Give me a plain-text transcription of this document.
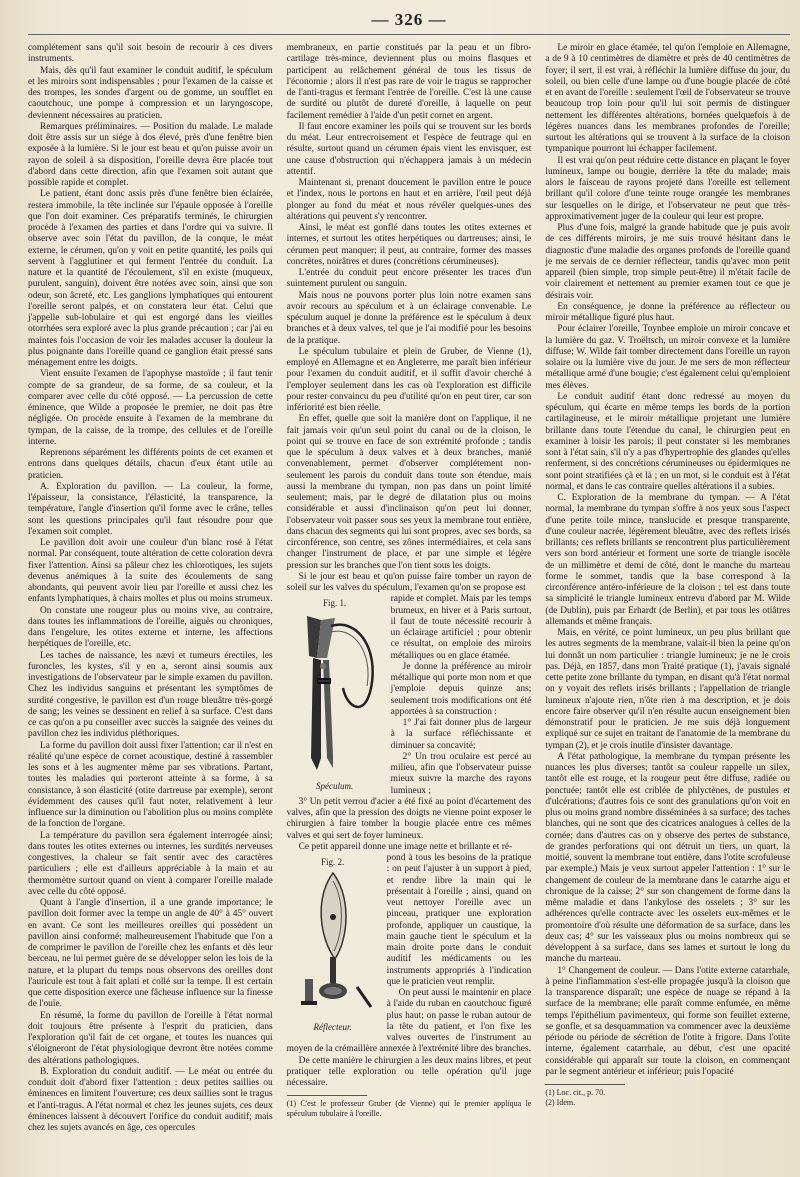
— 326 —

complétement sans qu'il soit besoin de recourir à ces divers instruments.

Mais, dès qu'il faut examiner le conduit auditif, le spéculum et les miroirs sont indispensables ; pour l'examen de la caisse et des trompes, les sondes d'argent ou de gomme, un soufflet en caoutchouc, une pompe à compression et un laryngoscope, deviennent nécessaires au praticien.

Remarques préliminaires. — Position du malade. Le malade doit être assis sur un siége à dos élevé, près d'une fenêtre bien exposée à la lumière. Si le jour est beau et qu'on puisse avoir un rayon de soleil à sa disposition, l'oreille devra être placée tout d'abord dans cette direction, afin que l'examen soit autant que possible rapide et complet.

Le patient, étant donc assis près d'une fenêtre bien éclairée, restera immobile, la tête inclinée sur l'épaule opposée à l'oreille que l'on doit examiner. Ces préparatifs terminés, le chirurgien procède à l'examen des parties et dans l'ordre qui va suivre. Il observe avec soin l'état du pavillon, de la conque, le méat externe, le cérumen, qu'on y voit en petite quantité, les poils qui servent à l'agglutiner et qui ferment l'entrée du conduit. La nature et la quantité de l'écoulement, s'il en existe (muqueux, purulent, sanguin), doivent être notées avec soin, ainsi que son odeur, son âcreté, etc. Les ganglions lymphatiques qui entourent l'oreille seront palpés, et on constatera leur état. Celui que j'appelle sub-lobulaire et qui est engorgé dans les vieilles otorrhées sera exploré avec la plus grande précaution ; car j'ai eu maintes fois l'occasion de voir les malades accuser la douleur la plus poignante dans l'oreille quand ce ganglion était pressé sans ménagement entre les doigts.

Vient ensuite l'examen de l'apophyse mastoïde ; il faut tenir compte de sa grandeur, de sa forme, de sa couleur, et la comparer avec celle du côté opposé. — La percussion de cette éminence, que Wilde a proposée le premier, ne doit pas être négligée. On procède ensuite à l'examen de la membrane du tympan, de la caisse, de la trompe, des cellules et de l'oreille interne.

Reprenons séparément les différents points de cet examen et entrons dans quelques détails, chacun d'eux étant utile au praticien.

A. Exploration du pavillon. — La couleur, la forme, l'épaisseur, la consistance, l'élasticité, la transparence, la température, l'angle d'insertion qu'il forme avec le crâne, telles sont les questions principales qu'il faut résoudre pour que l'examen soit complet.

Le pavillon doit avoir une couleur d'un blanc rosé à l'état normal. Par conséquent, toute altération de cette coloration devra fixer l'attention. Ainsi sa pâleur chez les chlorotiques, les sujets devenus anémiques à la suite des écoulements de sang abondants, qui peuvent avoir lieu par l'oreille et aussi chez les enfants lymphatiques, à chairs molles et plus ou moins strumeux.

On constate une rougeur plus ou moins vive, au contraire, dans toutes les inflammations de l'oreille, aiguës ou chroniques, dans l'engelure, les otites externe et interne, les affections herpétiques de l'oreille, etc.

Les taches de naissance, les nævi et tumeurs érectiles, les furoncles, les kystes, s'il y en a, seront ainsi soumis aux investigations de l'observateur par le simple examen du pavillon. Chez les individus sanguins et présentant les symptômes de surdité congestive, le pavillon est d'un rouge bleuâtre très-gorgé de sang; les veines se dessinent en relief à sa surface. C'est dans ce cas qu'on a pu conseiller avec succès la saignée des veines du pavillon chez les individus pléthoriques.

La forme du pavillon doit aussi fixer l'attention; car il n'est en réalité qu'une espèce de cornet acoustique, destiné à rassembler les sons et à les augmenter même par ses vibrations. Partant, toutes les maladies qui porteront atteinte à sa forme, à sa consistance, à son élasticité (otite dartreuse par exemple), seront évidemment des causes qu'il faut noter, relativement à leur influence sur la diminution ou l'abolition plus ou moins complète de la fonction de l'organe.

La température du pavillon sera également interrogée ainsi; dans toutes les otites externes ou internes, les surdités nerveuses congestives, la chaleur se fait sentir avec des caractères particuliers ; elle est d'ailleurs appréciable à la main et au thermomètre surtout quand on vient à comparer l'oreille malade avec celle du côté opposé.

Quant à l'angle d'insertion, il a une grande importance; le pavillon doit former avec la tempe un angle de 40° à 45° ouvert en avant. Ce sont les meilleures oreilles qui possèdent un pavillon ainsi conformé; malheureusement l'habitude que l'on a de comprimer le pavillon de l'oreille chez les enfants et dès leur berceau, ne lui permet guère de se développer selon les lois de la nature, et la plupart du temps nous observons des oreilles dont l'auricule est tout à fait aplati et collé sur la tempe. Il est certain que cette disposition exerce une fâcheuse influence sur la finesse de l'ouïe.

En résumé, la forme du pavillon de l'oreille à l'état normal doit toujours être présente à l'esprit du praticien, dans l'exploration qu'il fait de cet organe, et toutes les nuances qui s'éloigneront de l'état physiologique devront être notées comme des altérations pathologiques.

B. Exploration du conduit auditif. — Le méat ou entrée du conduit doit d'abord fixer l'attention : deux petites saillies ou éminences en limitent l'ouverture; ces deux saillies sont le tragus et l'anti-tragus. A l'état normal et chez les jeunes sujets, ces deux éminences laissent à découvert l'orifice du conduit auditif; mais chez les sujets avancés en âge, ces opercules

membraneux, en partie constitués par la peau et un fibro-cartilage très-mince, deviennent plus ou moins flasques et participent au relâchement général de tous les tissus de l'économie ; alors il n'est pas rare de voir le tragus se rapprocher de l'anti-tragus et fermant l'entrée de l'oreille. C'est là une cause de surdité ou plutôt de dureté d'oreille, à laquelle on peut facilement remédier à l'aide d'un petit cornet en argent.

Il faut encore examiner les poils qui se trouvent sur les bords du méat. Leur entrecroisement et l'espèce de feutrage qui en résulte, surtout quand un cérumen épais vient les envisquer, est une cause d'obstruction qui n'échappera jamais à un médecin attentif.

Maintenant si, prenant doucement le pavillon entre le pouce et l'index, nous le portons en haut et en arrière, l'œil peut déjà plonger au fond du méat et nous révéler quelques-unes des altérations qui peuvent s'y rencontrer.

Ainsi, le méat est gonflé dans toutes les otites externes et internes, et surtout les otites herpétiques ou dartreuses; ainsi, le cérumen peut manquer; il peut, au contraire, former des masses concrètes, noirâtres et dures (concrétions cérumineuses).

L'entrée du conduit peut encore présenter les traces d'un suintement purulent ou sanguin.

Mais nous ne pouvons porter plus loin notre examen sans avoir recours au spéculum et à un éclairage convenable. Le spéculum auquel je donne la préférence est le spéculum à deux branches et à deux valves, tel que je l'ai modifié pour les besoins de la pratique.

Le spéculum tubulaire et plein de Gruber, de Vienne (1), employé en Allemagne et en Angleterre, me paraît bien inférieur pour l'examen du conduit auditif, et il suffit d'avoir cherché à l'employer seulement dans les cas où l'exploration est difficile pour rester convaincu du peu d'utilité qu'on en peut tirer, car son infériorité est bien réelle.

En effet, quelle que soit la manière dont on l'applique, il ne fait jamais voir qu'un seul point du canal ou de la cloison, le point qui se trouve en face de son extrémité profonde ; tandis que le spéculum à deux valves et à deux branches, manié convenablement, permet d'observer complétement non-seulement les parois du conduit dans toute son étendue, mais aussi la membrane du tympan, non pas dans un point limité seulement; mais, par le degré de dilatation plus ou moins considérable et aussi d'inclinaison qu'on peut lui donner, l'observateur voit passer sous ses yeux la membrane tout entière, dans chacun des segments qui lui sont propres, avec ses bords, sa circonférence, son centre, ses zônes intermédiaires, et cela sans changer l'instrument de place, et par une simple et légère pression sur les branches que l'on tient sous les doigts.

Si le jour est beau et qu'on puisse faire tomber un rayon de soleil sur les valves du spéculum, l'examen qu'on se propose est

Fig. 1.
Spéculum.

rapide et complet. Mais par les temps brumeux, en hiver et à Paris surtout, il faut de toute nécessité recourir à un éclairage artificiel ; pour obtenir ce résultat, on emploie des miroirs métalliques ou en glace étamée.

Je donne la préférence au miroir métallique qui porte mon nom et que j'emploie depuis quinze ans; seulement trois modifications ont été apportées à sa construction :

1° J'ai fait donner plus de largeur à la surface réfléchissante et diminuer sa concavité;

2° Un trou oculaire est percé au milieu, afin que l'observateur puisse mieux suivre la marche des rayons lumineux ;

3° Un petit verrou d'acier a été fixé au point d'écartement des valves, afin que la pression des doigts ne vienne point exposer le chirurgien à faire tomber la bougie placée entre ces mêmes valves et qui sert de foyer lumineux.

Ce petit appareil donne une image nette et brillante et ré-

Fig. 2.
Réflecteur.

pond à tous les besoins de la pratique : on peut l'ajuster à un support à pied, et rendre libre la main qui le présentait à l'oreille ; ainsi, quand on veut nettoyer l'oreille avec un pinceau, pratiquer une exploration profonde, appliquer un caustique, la main gauche tient le spéculum et la main droite porte dans le conduit auditif les médicaments ou les instruments appropriés à l'indication que le praticien veut remplir.

On peut aussi le maintenir en place à l'aide du ruban en caoutchouc figuré plus haut; on passe le ruban autour de la tête du patient, et l'on fixe les valves ouvertes de l'instrument au moyen de la crémaillère annexée à l'extrémité libre des branches.

De cette manière le chirurgien a les deux mains libres, et peut pratiquer telle exploration ou telle opération qu'il juge nécessaire.

(1) C'est le professeur Gruber (de Vienne) qui le premier appliqua le spéculum tubulaire à l'oreille.

Le miroir en glace étamée, tel qu'on l'emploie en Allemagne, a de 9 à 10 centimètres de diamètre et près de 40 centimètres de foyer; il sert, il est vrai, à réfléchir la lumière diffuse du jour, du soleil, ou bien celle d'une lampe ou d'une bougie placée de côté et en avant de l'oreille : seulement l'œil de l'observateur se trouve beaucoup trop loin pour qu'il lui soit permis de distinguer nettement les différentes altérations, bornées quelquefois à de légères nuances dans les membranes profondes de l'oreille; surtout les altérations qui se trouvent à la surface de la cloison tympanique pourront lui échapper facilement.

Il est vrai qu'on peut réduire cette distance en plaçant le foyer lumineux, lampe ou bougie, derrière la tête du malade; mais alors le faisceau de rayons projeté dans l'oreille est tellement brillant qu'il colore d'une teinte rouge orangée les membranes sur lesquelles on le dirige, et l'observateur ne peut que très-approximativement juger de la couleur qui leur est propre.

Plus d'une fois, malgré la grande habitude que je puis avoir de ces différents miroirs, je me suis trouvé hésitant dans le diagnostic d'une maladie des organes profonds de l'oreille quand je me servais de ce dernier réflecteur, tandis qu'avec mon petit appareil (bien simple, trop simple peut-être) il m'était facile de voir clairement et nettement au premier examen tout ce que je désirais voir.

En conséquence, je donne la préférence au réflecteur ou miroir métallique figuré plus haut.

Pour éclairer l'oreille, Toynbee emploie un miroir concave et la lumière du gaz. V. Troëltsch, un miroir convexe et la lumière diffuse; W. Wilde fait tomber directement dans l'oreille un rayon solaire ou la lumière vive du jour. Je me sers de mon réflecteur métallique armé d'une bougie; c'est également celui qu'emploient mes élèves.

Le conduit auditif étant donc redressé au moyen du spéculum, qui écarte en même temps les bords de la portion cartilagineuse, et le miroir métallique projetant une lumière brillante dans toute l'étendue du canal, le chirurgien peut en examiner à loisir les parois; il peut constater si les membranes sont à l'état sain, s'il n'y a pas d'hypertrophie des glandes qu'elles renferment, si des concrétions cérumineuses ou épidermiques ne sont point stratifiées çà et là ; en un mot, si le conduit est à l'état normal, et dans le cas contraire quelles altérations il a subies.

C. Exploration de la membrane du tympan. — A l'état normal, la membrane du tympan s'offre à nos yeux sous l'aspect d'une petite toile mince, translucide et presque transparente, d'une couleur nacrée, légèrement bleuâtre, avec des reflets irisés brillants; ces reflets brillants se rencontrent plus particulièrement vers son bord antérieur et forment une sorte de triangle isocèle de un millimètre et demi de côté, dont le manche du marteau forme le sommet, tandis que la base correspond à la circonférence antéro-inférieure de la cloison ; tel est dans toute sa simplicité le triangle lumineux entrevu d'abord par M. Wilde (de Dublin), puis par Erhardt (de Berlin), et par tous les otiâtres allemands et même français.

Mais, en vérité, ce point lumineux, un peu plus brillant que les autres segments de la membrane, valait-il bien la peine qu'on lui donnât un nom particulier : triangle lumineux; je ne le crois pas. Déjà, en 1857, dans mon Traité pratique (1), j'avais signalé cette petite zone brillante du tympan, en disant qu'à l'état normal on y voyait des reflets irisés brillants ; l'appellation de triangle lumineux n'ajoute rien, n'ôte rien à ma description, et je dois encore faire observer qu'il n'en résulte aucun enseignement bien démonstratif pour le praticien. Je me suis déjà longuement expliqué sur ce sujet en traitant de l'anatomie de la membrane du tympan (2), et je crois inutile d'insister davantage.

A l'état pathologique, la membrane du tympan présente les nuances les plus diverses; tantôt sa couleur rappelle un silex, tantôt elle est rouge, et la rougeur peut être diffuse, radiée ou ponctuée; tantôt elle est criblée de phlyctènes, de pustules et d'ulcérations; d'autres fois ce sont des granulations qu'on voit en plus ou moins grand nombre disséminées à sa surface; des taches blanches, qui ne sont que des cicatrices analogues à celles de la cornée; dans d'autres cas on y observe des pertes de substance, de grandes perforations qui ont détruit un tiers, un quart, la moitié, souvent la membrane tout entière, dans l'otite scrofuleuse par exemple.) Mais je veux surtout appeler l'attention : 1° sur le changement de couleur de la membrane dans le catarrhe aigu et chronique de la caisse; 2° sur son changement de forme dans la même maladie et dans l'ankylose des osselets ; 3° sur les adhérences qu'elle contracte avec les osselets eux-mêmes et le promontoire d'où résulte une déformation de sa surface, dans les deux cas; 4° sur les vaisseaux plus ou moins nombreux qui se développent à sa surface, dans ses lames et surtout le long du manche du marteau.

1° Changement de couleur. — Dans l'otite externe catarrhale, à peine l'inflammation s'est-elle propagée jusqu'à la cloison que la transparence disparaît; une espèce de nuage se répand à la surface de la membrane; elle paraît comme enfumée, en même temps l'épithélium pavimenteux, qui forme son feuillet externe, se gonfle, et sa desquammation va commencer avec la deuxième période ou période de sécrétion de l'otite à frigore. Dans l'otite interne, également catarrhale, au début, c'est une opacité considérable qui apparaît sur toute la cloison, en commençant par le segment antérieur et inférieur; puis l'opacité

(1) Loc. cit., p. 70.

(2) Idem.
